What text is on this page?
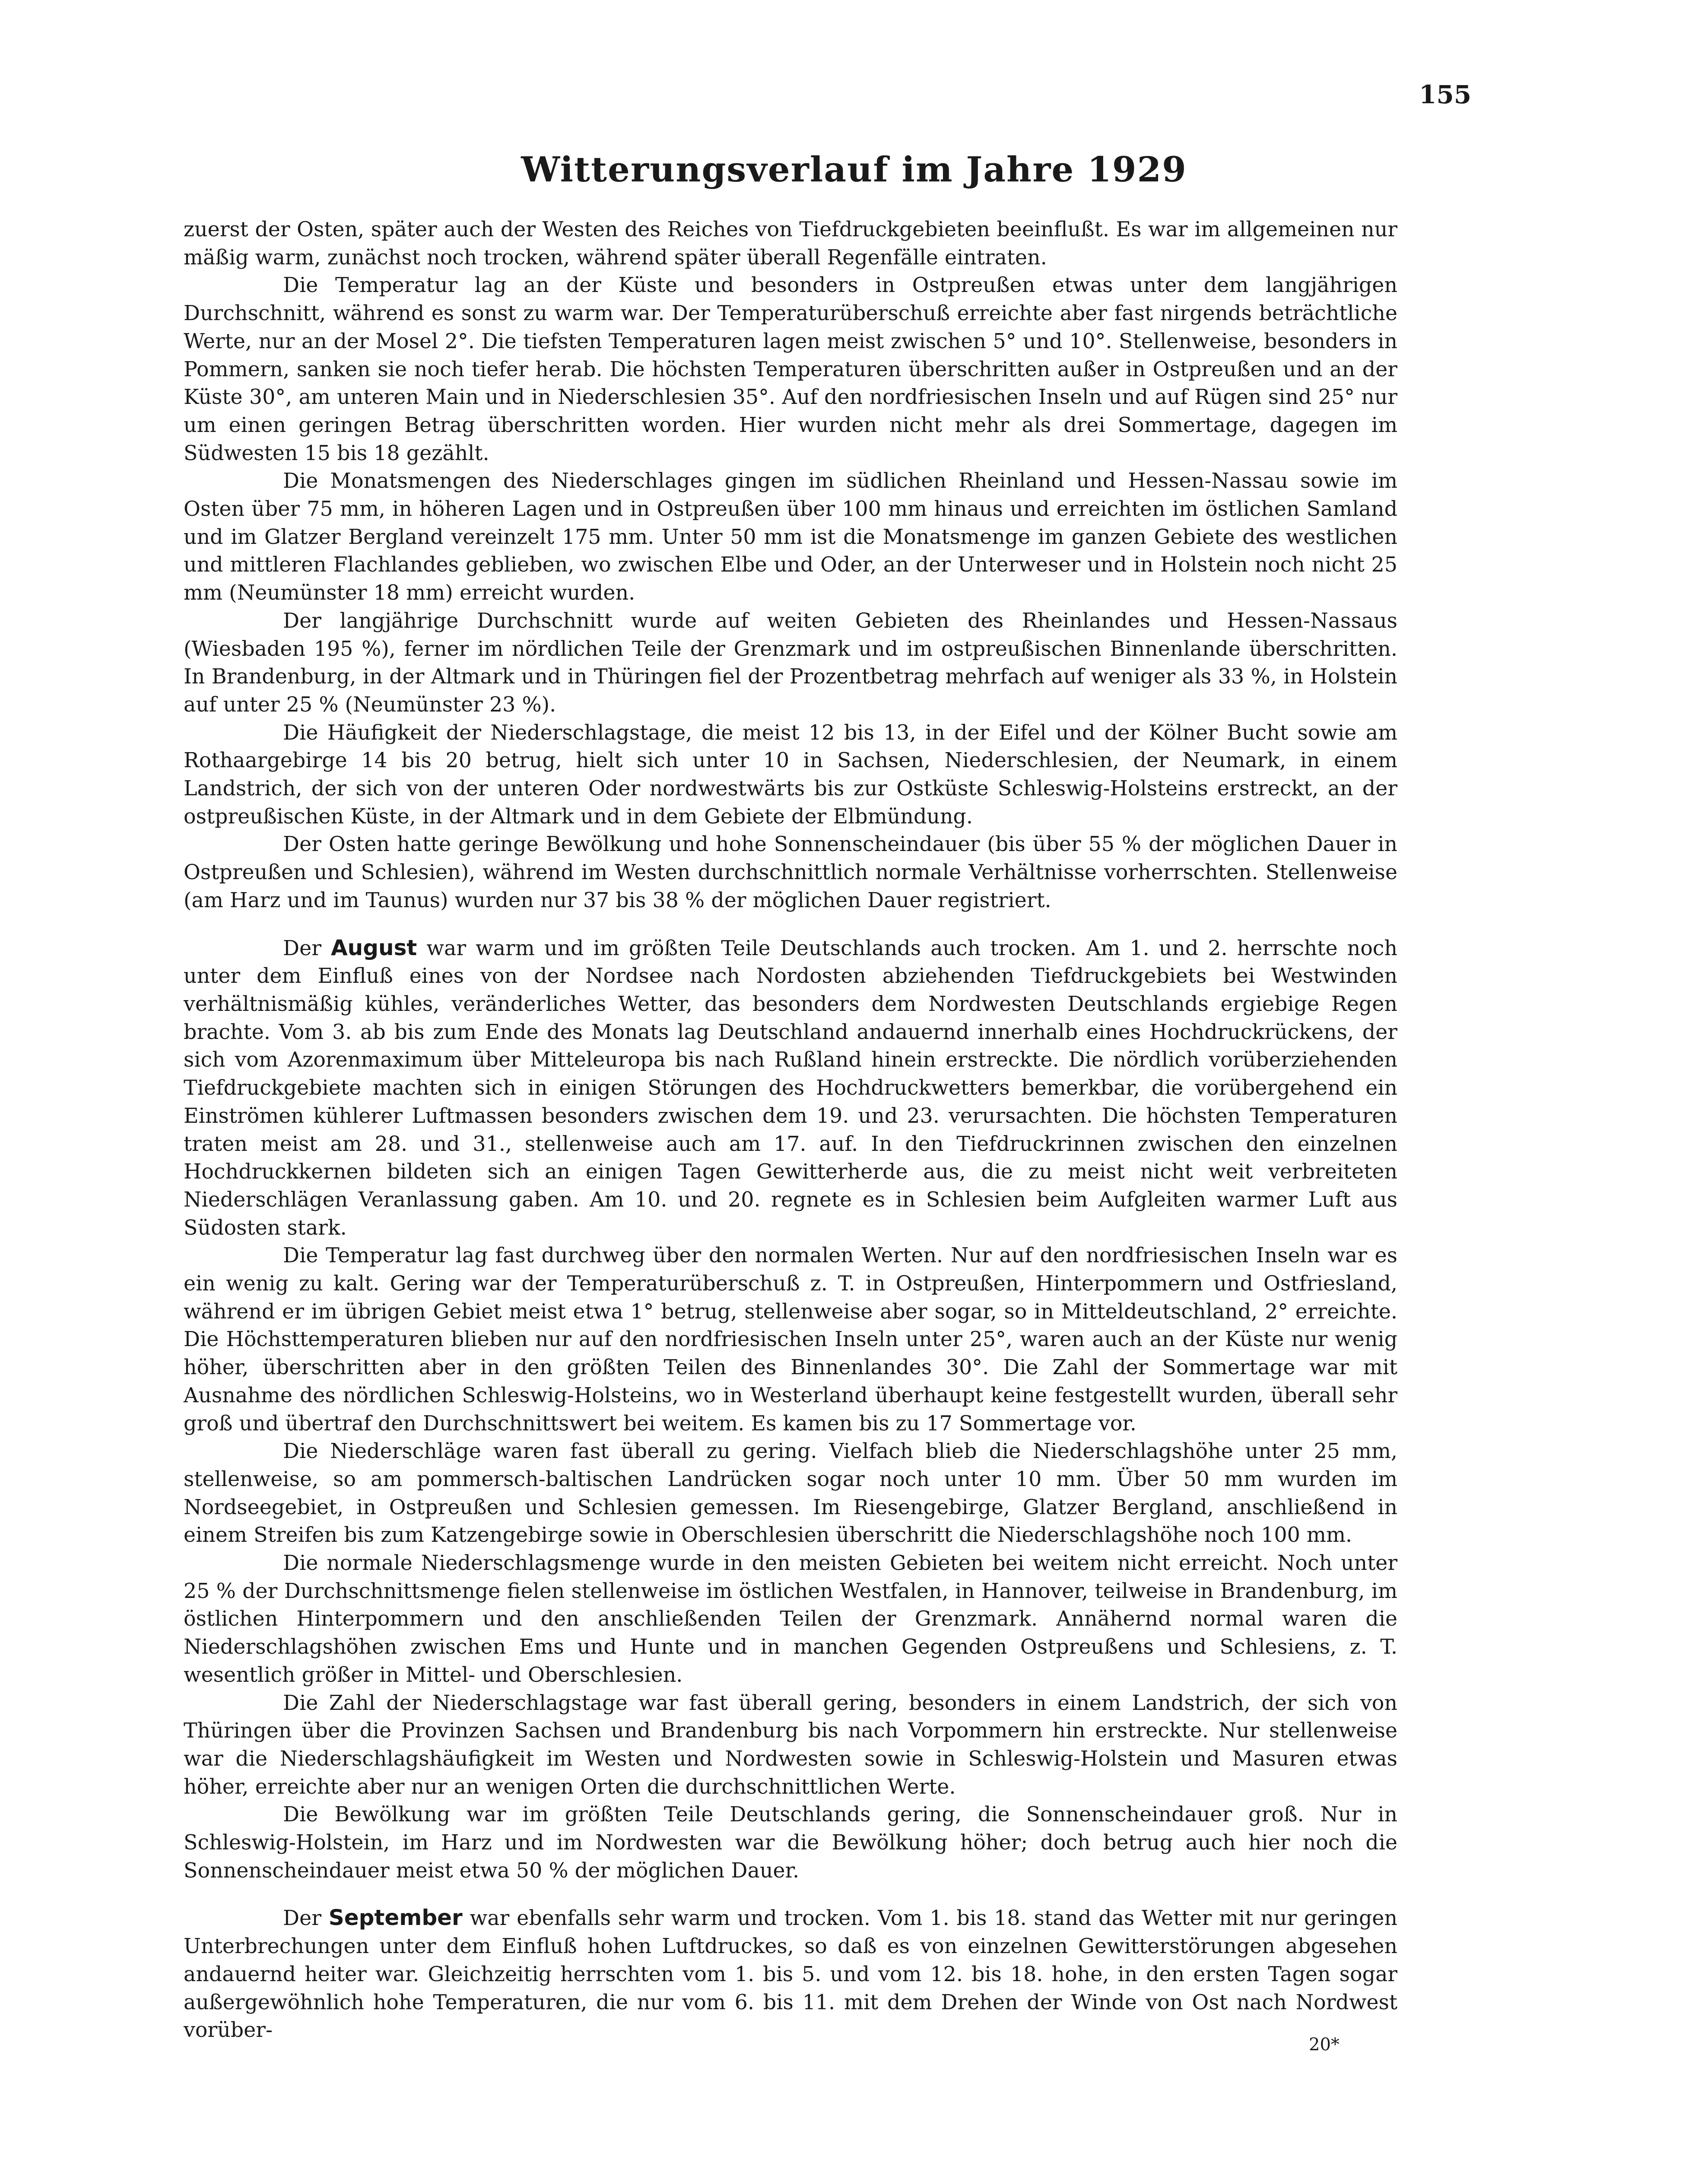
155
Witterungsverlauf im Jahre 1929

zuerst der Osten, später auch der Westen des Reiches von Tiefdruckgebieten beeinflußt. Es war im allgemeinen nur mäßig warm, zunächst noch trocken, während später überall Regenfälle eintraten.

Die Temperatur lag an der Küste und besonders in Ostpreußen etwas unter dem langjährigen Durchschnitt, während es sonst zu warm war. Der Temperaturüberschuß erreichte aber fast nirgends beträchtliche Werte, nur an der Mosel 2°. Die tiefsten Temperaturen lagen meist zwischen 5° und 10°. Stellenweise, besonders in Pommern, sanken sie noch tiefer herab. Die höchsten Temperaturen überschritten außer in Ostpreußen und an der Küste 30°, am unteren Main und in Niederschlesien 35°. Auf den nordfriesischen Inseln und auf Rügen sind 25° nur um einen geringen Betrag überschritten worden. Hier wurden nicht mehr als drei Sommertage, dagegen im Südwesten 15 bis 18 gezählt.

Die Monatsmengen des Niederschlages gingen im südlichen Rheinland und Hessen-Nassau sowie im Osten über 75 mm, in höheren Lagen und in Ostpreußen über 100 mm hinaus und erreichten im östlichen Samland und im Glatzer Bergland vereinzelt 175 mm. Unter 50 mm ist die Monatsmenge im ganzen Gebiete des westlichen und mittleren Flachlandes geblieben, wo zwischen Elbe und Oder, an der Unterweser und in Holstein noch nicht 25 mm (Neumünster 18 mm) erreicht wurden.

Der langjährige Durchschnitt wurde auf weiten Gebieten des Rheinlandes und Hessen-Nassaus (Wiesbaden 195 %), ferner im nördlichen Teile der Grenzmark und im ostpreußischen Binnenlande überschritten. In Brandenburg, in der Altmark und in Thüringen fiel der Prozentbetrag mehrfach auf weniger als 33 %, in Holstein auf unter 25 % (Neumünster 23 %).

Die Häufigkeit der Niederschlagstage, die meist 12 bis 13, in der Eifel und der Kölner Bucht sowie am Rothaargebirge 14 bis 20 betrug, hielt sich unter 10 in Sachsen, Niederschlesien, der Neumark, in einem Landstrich, der sich von der unteren Oder nordwestwärts bis zur Ostküste Schleswig-Holsteins erstreckt, an der ostpreußischen Küste, in der Altmark und in dem Gebiete der Elbmündung.

Der Osten hatte geringe Bewölkung und hohe Sonnenscheindauer (bis über 55 % der möglichen Dauer in Ostpreußen und Schlesien), während im Westen durchschnittlich normale Verhältnisse vorherrschten. Stellenweise (am Harz und im Taunus) wurden nur 37 bis 38 % der möglichen Dauer registriert.

Der August war warm und im größten Teile Deutschlands auch trocken. Am 1. und 2. herrschte noch unter dem Einfluß eines von der Nordsee nach Nordosten abziehenden Tiefdruckgebiets bei Westwinden verhältnismäßig kühles, veränderliches Wetter, das besonders dem Nordwesten Deutschlands ergiebige Regen brachte. Vom 3. ab bis zum Ende des Monats lag Deutschland andauernd innerhalb eines Hochdruckrückens, der sich vom Azorenmaximum über Mitteleuropa bis nach Rußland hinein erstreckte. Die nördlich vorüberziehenden Tiefdruckgebiete machten sich in einigen Störungen des Hochdruckwetters bemerkbar, die vorübergehend ein Einströmen kühlerer Luftmassen besonders zwischen dem 19. und 23. verursachten. Die höchsten Temperaturen traten meist am 28. und 31., stellenweise auch am 17. auf. In den Tiefdruckrinnen zwischen den einzelnen Hochdruckkernen bildeten sich an einigen Tagen Gewitterherde aus, die zu meist nicht weit verbreiteten Niederschlägen Veranlassung gaben. Am 10. und 20. regnete es in Schlesien beim Aufgleiten warmer Luft aus Südosten stark.

Die Temperatur lag fast durchweg über den normalen Werten. Nur auf den nordfriesischen Inseln war es ein wenig zu kalt. Gering war der Temperaturüberschuß z. T. in Ostpreußen, Hinterpommern und Ostfriesland, während er im übrigen Gebiet meist etwa 1° betrug, stellenweise aber sogar, so in Mitteldeutschland, 2° erreichte. Die Höchsttemperaturen blieben nur auf den nordfriesischen Inseln unter 25°, waren auch an der Küste nur wenig höher, überschritten aber in den größten Teilen des Binnenlandes 30°. Die Zahl der Sommertage war mit Ausnahme des nördlichen Schleswig-Holsteins, wo in Westerland überhaupt keine festgestellt wurden, überall sehr groß und übertraf den Durchschnittswert bei weitem. Es kamen bis zu 17 Sommertage vor.

Die Niederschläge waren fast überall zu gering. Vielfach blieb die Niederschlagshöhe unter 25 mm, stellenweise, so am pommersch-baltischen Landrücken sogar noch unter 10 mm. Über 50 mm wurden im Nordseegebiet, in Ostpreußen und Schlesien gemessen. Im Riesengebirge, Glatzer Bergland, anschließend in einem Streifen bis zum Katzengebirge sowie in Oberschlesien überschritt die Niederschlagshöhe noch 100 mm.

Die normale Niederschlagsmenge wurde in den meisten Gebieten bei weitem nicht erreicht. Noch unter 25 % der Durchschnittsmenge fielen stellenweise im östlichen Westfalen, in Hannover, teilweise in Brandenburg, im östlichen Hinterpommern und den anschließenden Teilen der Grenzmark. Annähernd normal waren die Niederschlagshöhen zwischen Ems und Hunte und in manchen Gegenden Ostpreußens und Schlesiens, z. T. wesentlich größer in Mittel- und Oberschlesien.

Die Zahl der Niederschlagstage war fast überall gering, besonders in einem Landstrich, der sich von Thüringen über die Provinzen Sachsen und Brandenburg bis nach Vorpommern hin erstreckte. Nur stellenweise war die Niederschlagshäufigkeit im Westen und Nordwesten sowie in Schleswig-Holstein und Masuren etwas höher, erreichte aber nur an wenigen Orten die durchschnittlichen Werte.

Die Bewölkung war im größten Teile Deutschlands gering, die Sonnenscheindauer groß. Nur in Schleswig-Holstein, im Harz und im Nordwesten war die Bewölkung höher; doch betrug auch hier noch die Sonnenscheindauer meist etwa 50 % der möglichen Dauer.

Der September war ebenfalls sehr warm und trocken. Vom 1. bis 18. stand das Wetter mit nur geringen Unterbrechungen unter dem Einfluß hohen Luftdruckes, so daß es von einzelnen Gewitterstörungen abgesehen andauernd heiter war. Gleichzeitig herrschten vom 1. bis 5. und vom 12. bis 18. hohe, in den ersten Tagen sogar außergewöhnlich hohe Temperaturen, die nur vom 6. bis 11. mit dem Drehen der Winde von Ost nach Nordwest vorüber-

20*
